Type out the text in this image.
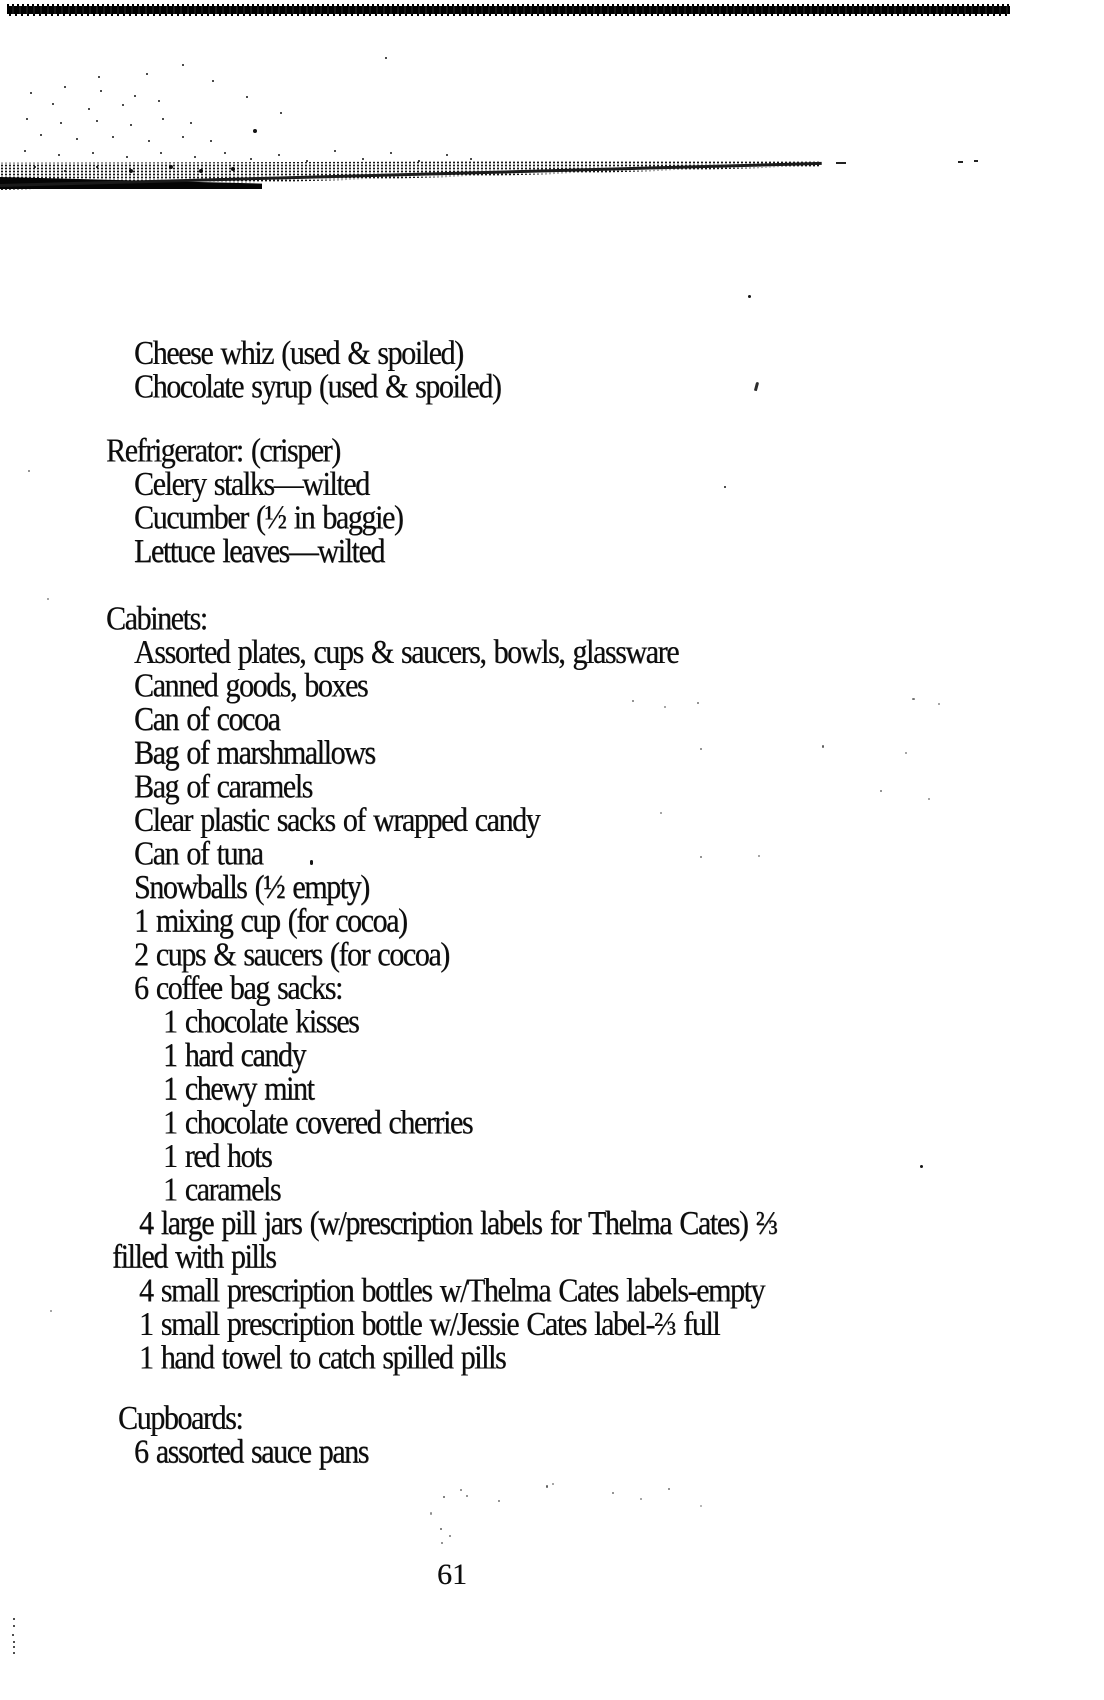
Cheese whiz (used & spoiled)
Chocolate syrup (used & spoiled)
Refrigerator: (crisper)
Celery stalks—wilted
Cucumber (½ in baggie)
Lettuce leaves—wilted
Cabinets:
Assorted plates, cups & saucers, bowls, glassware
Canned goods, boxes
Can of cocoa
Bag of marshmallows
Bag of caramels
Clear plastic sacks of wrapped candy
Can of tuna
Snowballs (½ empty)
1 mixing cup (for cocoa)
2 cups & saucers (for cocoa)
6 coffee bag sacks:
1 chocolate kisses
1 hard candy
1 chewy mint
1 chocolate covered cherries
1 red hots
1 caramels
4 large pill jars (w/prescription labels for Thelma Cates) ⅔
filled with pills
4 small prescription bottles w/Thelma Cates labels-empty
1 small prescription bottle w/Jessie Cates label-⅔ full
1 hand towel to catch spilled pills
Cupboards:
6 assorted sauce pans
61
